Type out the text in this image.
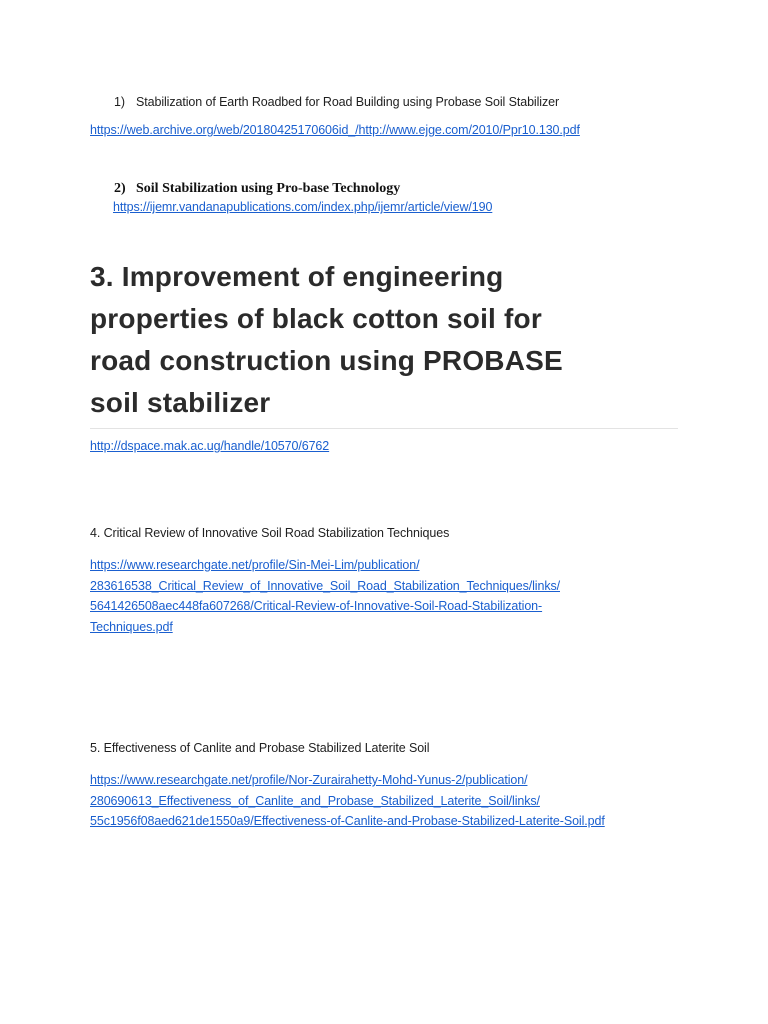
1) Stabilization of Earth Roadbed for Road Building using Probase Soil Stabilizer
https://web.archive.org/web/20180425170606id_/http://www.ejge.com/2010/Ppr10.130.pdf
2) Soil Stabilization using Pro-base Technology
https://ijemr.vandanapublications.com/index.php/ijemr/article/view/190
3. Improvement of engineering
properties of black cotton soil for
road construction using PROBASE
soil stabilizer
http://dspace.mak.ac.ug/handle/10570/6762
4. Critical Review of Innovative Soil Road Stabilization Techniques
https://www.researchgate.net/profile/Sin-Mei-Lim/publication/
283616538_Critical_Review_of_Innovative_Soil_Road_Stabilization_Techniques/links/
5641426508aec448fa607268/Critical-Review-of-Innovative-Soil-Road-Stabilization-
Techniques.pdf
5. Effectiveness of Canlite and Probase Stabilized Laterite Soil
https://www.researchgate.net/profile/Nor-Zurairahetty-Mohd-Yunus-2/publication/
280690613_Effectiveness_of_Canlite_and_Probase_Stabilized_Laterite_Soil/links/
55c1956f08aed621de1550a9/Effectiveness-of-Canlite-and-Probase-Stabilized-Laterite-Soil.pdf
